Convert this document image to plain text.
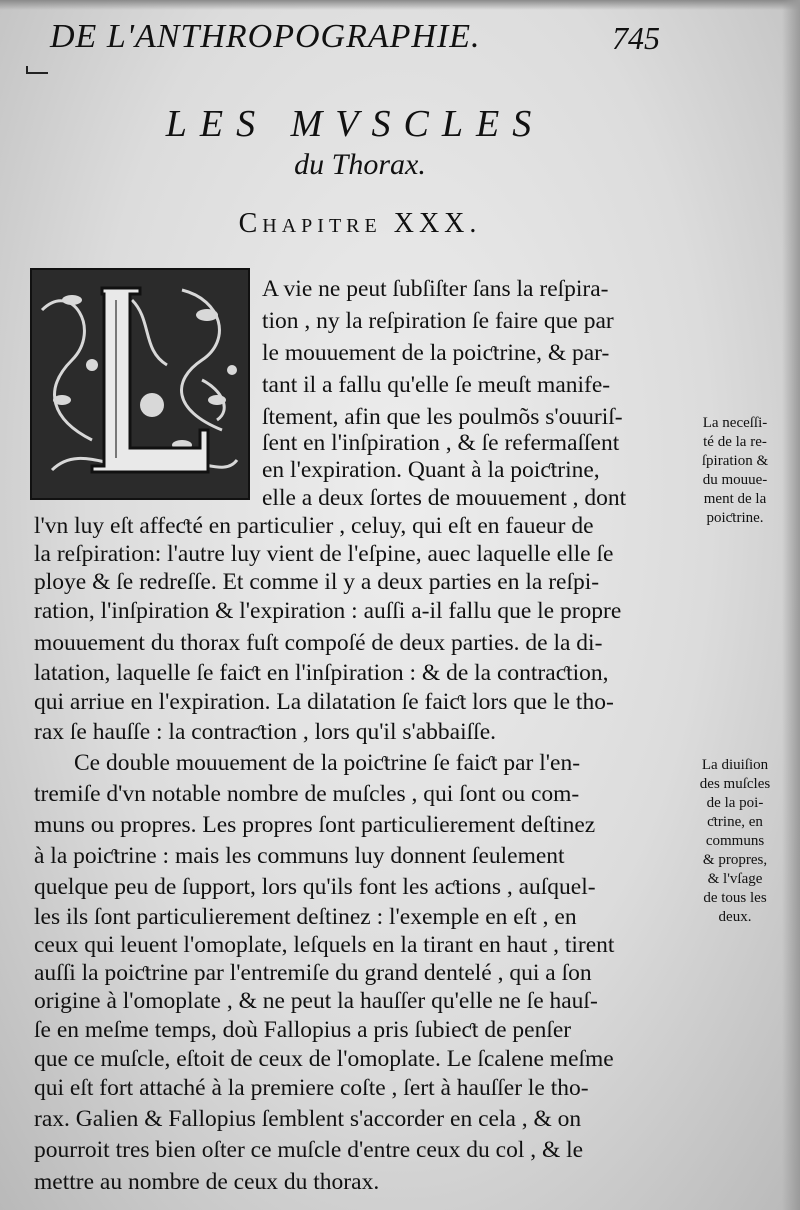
DE L'ANTHROPOGRAPHIE.	745
LES MVSCLES
du Thorax.
Chapitre XXX.
A vie ne peut ſubſiſter ſans la reſpira-
tion , ny la reſpiration ſe faire que par
le mouuement de la poiƈtrine, & par-
tant il a fallu qu'elle ſe meuſt manife-
ſtement, afin que les poulmõs s'ouuriſ-
ſent en l'inſpiration , & ſe refermaſſent
en l'expiration. Quant à la poiƈtrine,
elle a deux ſortes de mouuement , dont
l'vn luy eſt affeƈté en particulier , celuy, qui eſt en faueur de
la reſpiration: l'autre luy vient de l'eſpine, auec laquelle elle ſe
ploye & ſe redreſſe. Et comme il y a deux parties en la reſpi-
ration, l'inſpiration & l'expiration : auſſi a-il fallu que le propre
mouuement du thorax fuſt compoſé de deux parties. de la di-
latation, laquelle ſe faiƈt en l'inſpiration : & de la contraƈtion,
qui arriue en l'expiration. La dilatation ſe faiƈt lors que le tho-
rax ſe hauſſe : la contraƈtion , lors qu'il s'abbaiſſe.
Ce double mouuement de la poiƈtrine ſe faiƈt par l'en-
tremiſe d'vn notable nombre de muſcles , qui ſont ou com-
muns ou propres. Les propres ſont particulierement deſtinez
à la poiƈtrine : mais les communs luy donnent ſeulement
quelque peu de ſupport, lors qu'ils font les aƈtions , auſquel-
les ils ſont particulierement deſtinez : l'exemple en eſt , en
ceux qui leuent l'omoplate, leſquels en la tirant en haut , tirent
auſſi la poiƈtrine par l'entremiſe du grand dentelé , qui a ſon
origine à l'omoplate , & ne peut la hauſſer qu'elle ne ſe hauſ-
ſe en meſme temps, doù Fallopius a pris ſubieƈt de penſer
que ce muſcle, eſtoit de ceux de l'omoplate. Le ſcalene meſme
qui eſt fort attaché à la premiere coſte , ſert à hauſſer le tho-
rax. Galien & Fallopius ſemblent s'accorder en cela , & on
pourroit tres bien oſter ce muſcle d'entre ceux du col , & le
mettre au nombre de ceux du thorax.
La neceſſi-
té de la re-
ſpiration &
du mouue-
ment de la
poiƈtrine.
La diuiſion
des muſcles
de la poi-
ƈtrine, en
communs
& propres,
& l'vſage
de tous les
deux.
